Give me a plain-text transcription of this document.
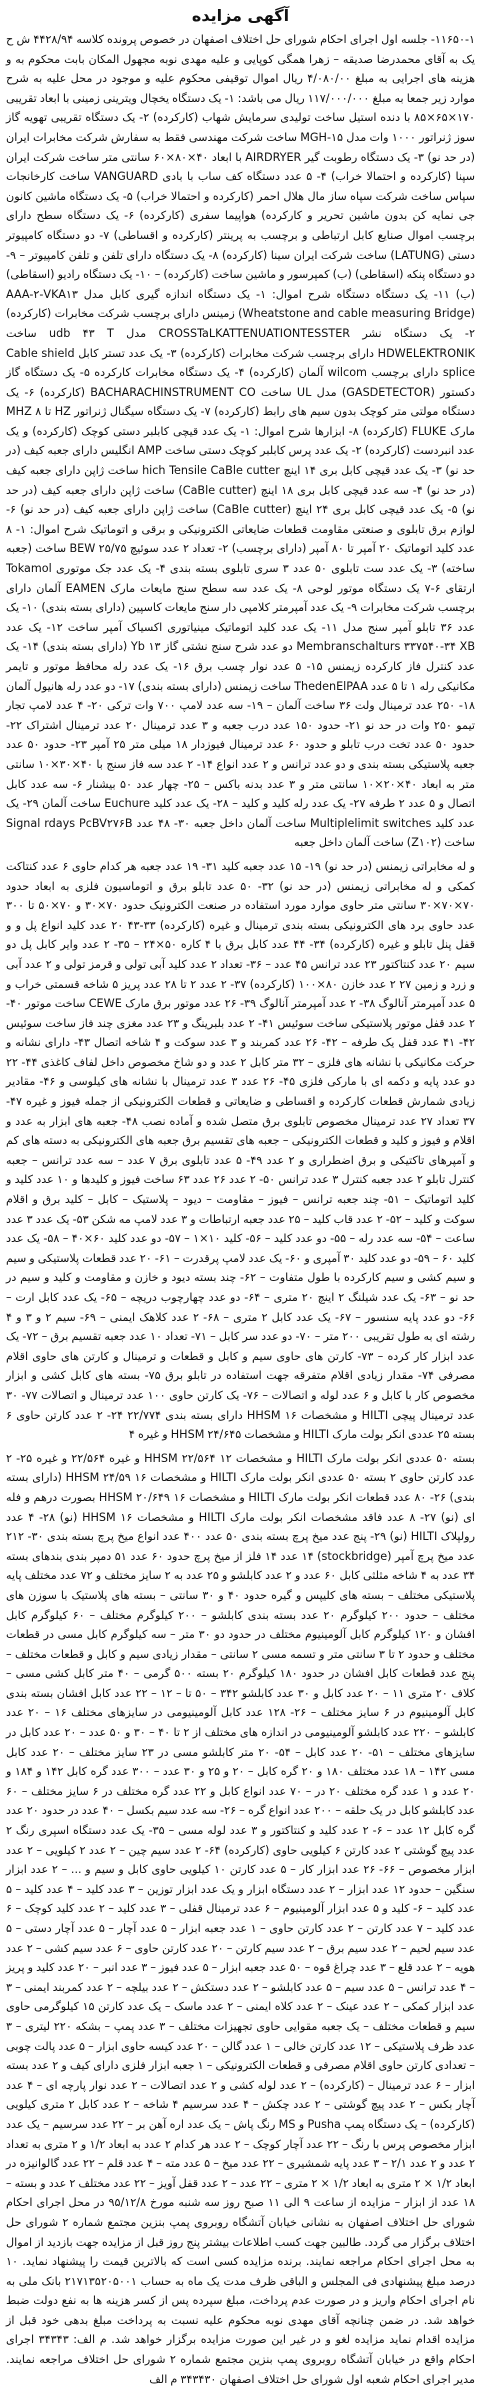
آگهی مزایده

۱۱۶۵۰-۱- جلسه اول اجرای احکام شورای حل اختلاف اصفهان در خصوص پرونده کلاسه ۴۴۲۸/۹۴ ش ح یک به آقای محمدرضا صدیقه – زهرا همگی کوپایی و علیه مهدی نوبه مجهول المکان بابت محکوم به و هزینه های اجرایی به مبلغ ۴/۰۸۰/۰۰ ریال اموال توقیفی محکوم علیه و موجود در محل علیه به شرح موارد زیر جمعا به مبلغ ۱۱۷/۰۰۰/۰۰۰ ریال می باشد: ۱- یک دستگاه یخچال ویترینی زمینی با ابعاد تقریبی ۱۷۰×۶۵×۸۵ با دنده استیل ساخت تولیدی سرمایش شهاب (کارکرده) ۲- یک دستگاه تقریبی تهویه گاز سوز ژنراتور ۱۰۰۰ وات مدل ۱۵-MGH ساخت شرکت مهندسی فقط به سفارش شرکت مخابرات ایران (در حد نو) ۳- یک دستگاه رطوبت گیر AIRDRYER با ابعاد ۴۰×۸۰×۶۰ سانتی متر ساخت شرکت ایران سپنا (کارکرده و احتمالا خراب) ۴- ۵ عدد دستگاه کف ساب با بادی VANGUARD ساخت کارخانجات سپاس ساخت شرکت سپاه ساز مال هلال احمر (کارکرده و احتمالا خراب) ۵- یک دستگاه ماشین کانون جی نمایه کن بدون ماشین تحریر و کارکرده) هواپیما سفری (کارکرده) ۶- یک دستگاه سطح دارای برچسب اموال صنایع کابل ارتباطی و برچسب به پرینتر (کارکرده و اقساطی) ۷- دو دستگاه کامپیوتر دستی (LATUNG) ساخت شرکت ایران سینا (کارکرده) ۸- یک دستگاه دارای تلفن و تلفن کامپیوتر – ۹- دو دستگاه پنکه (اسقاطی) (ب) کمپرسور و ماشین ساخت (کارکرده) – ۱۰- یک دستگاه رادیو (اسقاطی) (ب) ۱۱- یک دستگاه دستگاه شرح اموال: ۱- یک دستگاه اندازه گیری کابل مدل AAA-۲-VKA۱۳ (Wheatstone and cable measuring Bridge) زمینس دارای برچسب شرکت مخابرات (کارکرده) ۲- یک دستگاه نشر CROSSTaLKATTENUATIONTESSTER مدل udb ۴۳ T ساخت HDWELEKTRONIK دارای برچسب شرکت مخابرات (کارکرده) ۳- یک عدد تستر کابل Cable shield splice دارای برچسب wilcom آلمان (کارکرده) ۴- یک دستگاه مخابرات کارکرده ۵- یک دستگاه گاز دکستور (GASDETECTOR) مدل UL ساخت BACHARACHINSTRUMENT CO (کارکرده) ۶- یک دستگاه مولتی متر کوچک بدون سیم های رابط (کارکرده) ۷- یک دستگاه سیگنال ژنراتور HZ تا ۸ MHZ مارک FLUKE (کارکرده) ۸- ابزارها شرح اموال: ۱- یک عدد قیچی کابلبر دستی کوچک (کارکرده) و یک عدد انبردست (کارکرده) ۲- یک عدد پرس کابلبر کوچک دستی ساخت AMP انگلیس دارای جعبه کیف (در حد نو) ۳- یک عدد قیچی کابل بری ۱۴ اینچ hich Tensile CaBle cutter ساخت ژاپن دارای جعبه کیف (در حد نو) ۴- سه عدد قیچی کابل بری ۱۸ اینچ (CaBle cutter) ساخت ژاپن دارای جعبه کیف (در حد نو) ۵- یک عدد قیچی کابل بری ۲۴ اینچ (CaBle cutter) ساخت ژاپن دارای جعبه کیف (در حد نو) ۶- لوازم برق تابلوی و صنعتی مقاومت قطعات ضایعاتی الکترونیکی و برقی و اتوماتیک شرح اموال: ۱- ۸ عدد کلید اتوماتیک ۲۰ آمپر تا ۸۰ آمپر (دارای برچسب) ۲- تعداد ۲ عدد سوئیچ BEW ۲۵/۷۵ ساخت (جعبه ساخته) ۳- یک عدد ست تابلوی ۵۰ عدد ۳ سری تابلوی بسته بندی ۴- یک عدد جک موتوری Tokamol ارتقای ۶-۷ یک دستگاه موتور لوحی ۸- یک عدد سه سطح سنج مایعات مارک EAMEN آلمان دارای برچسب شرکت مخابرات ۹- یک عدد آمپرمتر کلامپی دار سنج مایعات کاسپین (دارای بسته بندی) ۱۰- یک عدد ۳۶ تابلو آمپر سنج مدل ۱۱- یک عدد کلید اتوماتیک مینیاتوری اکسیاک آمپر ساخت ۱۲- یک عدد Membranschalturs ۳۳۷۵۴۰-۳۴ XB دو عدد شرح سنج نشتی گاز Yb ۱۳ (دارای بسته بندی) ۱۴- یک عدد کنترل فاز کارکرده زیمنس ۱۵- ۵ عدد نوار چسب برق ۱۶- یک عدد رله محافظ موتور و تایمر مکانیکی رله ۱ تا ۵ عدد ThedenElPAA ساخت زیمنس (دارای بسته بندی) ۱۷- دو عدد رله هانیول آلمان ۱۸- ۲۵۰ عدد ترمینال ولت ۳۶ ساخت آلمان – ۱۹- سه عدد لامپ ۷۰۰ وات ترکی ۲۰- ۴ عدد لامپ تجار تیمو ۲۵۰ وات در حد نو ۲۱- حدود ۱۵۰ عدد درب جعبه و ۳ عدد ترمینال ۲۰ عدد ترمینال اشتراک ۲۲- حدود ۵۰ عدد تخت درب تابلو و حدود ۶۰ عدد ترمینال فیوزدار ۱۸ میلی متر ۲۵ آمپر ۲۳- حدود ۵۰ عدد جعبه پلاستیکی بسته بندی و دو عدد ترانس و ۲ عدد انواع ۱۴- ۲ عدد سه فاز سنج با ۴۰×۳۰×۱۰ سانتی متر به ابعاد ۴۰×۲۰×۱۰ سانتی متر و ۳ عدد بدنه باکس – ۲۵- چهار عدد ۵۰ بیشنار ۶- سه عدد کابل اتصال و ۵ عدد ۲ طرفه ۲۷- یک عدد رله کلید و کلید – ۲۸- یک عدد کلید Euchure ساخت آلمان ۲۹- یک عدد کلید Multiplelimit switches ساخت آلمان داخل جعبه ۳۰- ۴۸ عدد Signal rdays PcBV۲۷۶B ساخت (Z۱۰۲) ساخت آلمان داخل جعبه

و له مخابراتی زیمنس (در حد نو) ۱۹- ۱۵ عدد جعبه کلید ۳۱- ۱۹ عدد جعبه هر کدام حاوی ۶ عدد کنتاکت کمکی و له مخابراتی زیمنس (در حد نو) ۳۲- ۵۰ عدد تابلو برق و اتوماسیون فلزی به ابعاد حدود ۷۰×۷۰×۳۰ سانتی متر حاوی موارد مورد استفاده در صنعت الکترونیک حدود ۷۰×۳۰ و ۷۰×۵۰ تا ۳۰۰ عدد حاوی برد های الکترونیکی بسته بندی ترمینال و غیره (کارکرده) ۳۳-۴۳ ۲۰ عدد کلید انواع پل و و قفل پنل تابلو و غیره (کارکرده) ۳۴- ۴۴ عدد کابل برق با ۴ کاره ۵۰×۲۴ – ۳۵- ۲ عدد وایر کابل پل دو سیم ۲۰ عدد کنتاکتور ۲۳ عدد ترانس ۴۵ عدد – ۳۶- تعداد ۲ عدد کلید آبی تولی و قرمز تولی و ۲ عدد آبی و زرد و زمین ۲۷ ۲ عدد خازن ۸۰×۱۰۰ (کارکرده) ۳۷- ۲ عدد ۲ تا ۲۸ عدد پریز ۵ شاخه قسمتی خراب و ۵ عدد آمپرمتر آنالوگ ۳۸- ۲ عدد آمپرمتر آنالوگ ۳۹- ۲۶ عدد موتور برق مارک CEWE ساخت موتور ۴۰- ۲ عدد قفل موتور پلاستیکی ساخت سوئیس ۴۱- ۲ عدد بلبرینگ و ۲۳ عدد مغزی چند فاز ساخت سوئیس ۴۲- ۴۱ عدد قفل یک طرفه – ۴۲- ۲۶ عدد کمربند و ۳ عدد سوکت و ۴ شاخه اتصال ۴۳- دارای نشانه و حرکت مکانیکی با نشانه های فلزی – ۳۲ متر کابل ۲ عدد و دو شاخ مخصوص داخل لفاف کاغذی ۴۴- ۲۲ دو عدد پایه و دکمه ای با مارکی فلزی ۴۵- ۲۶ عدد ۳ عدد ترمینال با نشانه های کیلوسی و ۴۶- مقادیر زیادی شمارش قطعات کارکرده و اقساطی و ضایعاتی و قطعات الکترونیکی از جمله فیوز و غیره ۴۷- ۳۷ تعداد ۲۷ عدد ترمینال مخصوص تابلوی برق متصل شده و آماده نصب ۴۸- جعبه های ابزار به عدد و اقلام و فیوز و کلید و قطعات الکترونیکی – جعبه های تقسیم برق جعبه های الکترونیکی به دسته های کم و آمپرهای تاکتیکی و برق اضطراری و ۲ عدد ۴۹- ۵ عدد تابلوی برق ۷ عدد – سه عدد ترانس – جعبه کنترل تابلو ۲ عدد جعبه کنترل ۳ عدد ترانس ۵۰- ۲ عدد ۲۶ عدد ۶۳ ساخت فیوز و کلیدها و ۱۰ عدد کلید و کلید اتوماتیک – ۵۱- چند جعبه ترانس – فیوز – مقاومت – دیود – پلاستیک – کابل – کلید برق و اقلام سوکت و کلید – ۵۲- ۲ عدد قاب کلید – ۲۵ عدد جعبه ارتباطات و ۳ عدد لامپ مه شکن ۵۳- یک عدد ۳ عدد ساعت – ۵۴- سه عدد رله – ۵۵- دو عدد کلید – ۵۶- کلید ۱۰×۱ – ۵۷- دو عدد کلید ۶۰×۴۰ – ۵۸- یک عدد کلید ۶۰ – ۵۹- دو عدد کلید ۳۰ آمپری و ۶۰- یک عدد لامپ پرقدرت – ۶۱- ۲۰ عدد قطعات پلاستیکی و سیم و سیم کشی و سیم کارکرده با طول متفاوت – ۶۲- چند بسته دیود و خازن و مقاومت و کلید و سیم در حد نو – ۶۳- یک عدد شیلنگ ۲ اینچ ۲۰ متری – ۶۴- دو عدد چهارچوب دریچه – ۶۵- یک عدد کابل ارت – ۶۶- دو عدد پایه سنسور – ۶۷- یک عدد کابل ۲ متری – ۶۸- ۲ عدد کلاهک ایمنی – ۶۹- سیم ۲ و ۳ و ۴ رشته ای به طول تقریبی ۲۰۰ متر – ۷۰- دو عدد سر کابل – ۷۱- تعداد ۱۰ عدد جعبه تقسیم برق – ۷۲- یک عدد ابزار کار کرده – ۷۳- کارتن های حاوی سیم و کابل و قطعات و ترمینال و کارتن های حاوی اقلام مصرفی ۷۴- مقدار زیادی اقلام متفرقه جهت استفاده در تابلو برق ۷۵- بسته های کابل کشی و ابزار مخصوص کار با کابل و ۶ عدد لوله و اتصالات – ۷۶- یک کارتن حاوی ۱۰۰ عدد ترمینال و اتصالات ۷۷- ۳۰ عدد ترمینال پیچی HILTI و مشخصات HHSM ۱۶ دارای بسته بندی ۲۲/۷۷۴ ۲۴- ۲ عدد کارتن حاوی ۶ بسته ۲۵ عددی انکر بولت مارک HILTI و مشخصات HHSM ۲۴/۶۴۵ و غیره ۴

بسته ۵۰ عددی انکر بولت مارک HILTI و مشخصات ۱۲ HHSM ۲۲/۵۶۴ و غیره ۲۲/۵۶۴ و غیره ۲۵- ۲ عدد کارتن حاوی ۲ بسته ۵۰ عددی انکر بولت مارک HILTI و مشخصات ۱۶ HHSM ۲۴/۵۹ (دارای بسته بندی) ۲۶- ۸۰ عدد قطعات انکر بولت مارک HILTI و مشخصات ۱۶ HHSM ۲۰/۶۴۹ بصورت درهم و فله ای (نو) ۲۷- ۸ عدد فاقد مشخصات انکر بولت مارک HILTI و مشخصات ۱۶ HHSM (نو) ۲۸- ۴ عدد رولپلاک HILTI (نو) ۲۹- پنج عدد میخ پرچ بسته بندی ۵۰ عدد ۴۰۰ عدد انواع میخ پرچ بسته بندی ۳۰- ۲۱۲ عدد میخ پرچ آمپر (stockbridge) ۱۴ عدد ۱۴ فلز از میخ پرچ حدود ۶۰ عدد ۵۱ دمپر بندی بندهای بسته ۳۴ عدد به ۴ شاخه مثلثی کابل ۶۰ عدد و ۲ عدد کابلشو و ۲۵ عدد به ۲ سایز مختلف و ۷۲ عدد مختلف پایه پلاستیکی مختلف – بسته های کلیپس و گیره حدود ۴۰ و ۳۰ سانتی – بسته های پلاستیک با سوزن های مختلف – حدود ۲۰۰ کیلوگرم ۲۰ عدد بسته بندی کابلشو – ۲۰۰ کیلوگرم مختلف – ۶۰ کیلوگرم کابل افشان و ۱۲۰ کیلوگرم کابل آلومینیوم مختلف در حدود دو ۳۰ متر – سه کیلوگرم کابل مسی در قطعات مختلف و حدود ۲ تا ۳ سانتی متر و تسمه مسی ۲ سانتی – مقدار زیادی سیم و کابل و قطعات مختلف – پنج عدد قطعات کابل افشان در حدود ۱۸۰ کیلوگرم ۲۰ بسته ۵۰۰ گرمی – ۴۰ متر کابل کشی مسی – کلاف ۲۰ متری ۱۱ – ۲۰ عدد کابل و ۳۰ عدد کابلشو ۳۴۲ – ۵۰ تا – ۱۲ – ۲۲ عدد کابل افشان بسته بندی کابل آلومینیوم در ۶ سایز مختلف – ۲۶- ۱۲۸ عدد کابل آلومینیومی در سایزهای مختلف ۱۶ – ۲۰ عدد کابلشو – ۲۲۰ عدد کابلشو آلومینیومی در اندازه های مختلف از ۲ تا ۴۰ – ۳۰ و ۵۰ عدد – ۲۰ عدد کابل در سایزهای مختلف – ۵۱- ۲۰ عدد کابل – ۵۴- ۲۰ متر کابلشو مسی در ۲۳ سایز مختلف – ۲۰ عدد کابل مسی ۱۴۲ – ۱۸ عدد مختلف ۱۸۰ و ۲۰ گره کابل – ۲۰ و ۲۵ و ۳۰ عدد – ۳۰۰ عدد گره کابل ۱۴۲ و ۱۸۴ و ۲۰ عدد و ۱ عدد گره مختلف ۲۰ در – ۷۰ عدد انواع کابل و ۲۲ عدد گره مختلف در ۶ سایز مختلف – ۶۰ عدد کابلشو کابل در یک حلقه – ۲۰۰ عدد انواع گره – ۲۶- سه عدد سیم بکسل – ۴۰ عدد در حدود ۲۰ عدد گره کابل ۱۲ عدد – ۶- ۲ عدد کلید و کنتاکتور و ۳ عدد لوله مسی – ۳۵- یک عدد دستگاه اسپری رنگ ۲ عدد پیچ گوشتی ۲ عدد کارتن ۶ کیلویی حاوی (کارکرده) ۶۴- ۲ عدد سیم چین – ۲ عدد ۲ کیلویی – ۲ عدد ابزار مخصوص – ۶۶- ۲۶ عدد ابزار کار – ۵ عدد کارتن ۱۰ کیلویی حاوی کابل و سیم و ... – ۲ عدد ابزار سنگین – حدود ۱۲ عدد ابزار – ۲ عدد دستگاه ابزار و یک عدد ابزار توزین – ۳ عدد کلید – ۴ عدد کلید – ۵ عدد کلید – ۶- کلید و ۵ عدد ابزار آلومینیوم – ۶ عدد ترمینال قفلی – ۳ عدد کلید – ۲ عدد کلید کوچک – ۶ عدد کلید – ۷ عدد کارتن – ۲ عدد کارتن حاوی – ۱ عدد جعبه ابزار – ۵ عدد آچار – ۵ عدد آچار دستی – ۵ عدد سیم لحیم – ۲ عدد سیم برق – ۲ عدد سیم کارتن – ۲۰ عدد کارتن حاوی – ۶ عدد سیم کشی – ۲ عدد هویه – ۲ عدد قلع – ۳ عدد چراغ قوه – ۵۰ عدد جعبه ابزار – ۵ عدد فیوز – ۳ عدد انبر – ۲۰ عدد کلید و پریز – ۴ عدد ترانس – ۵ عدد سیم – ۵ عدد کابلشو – ۲ عدد دستکش – ۲ عدد بیلچه – ۲ عدد کمربند ایمنی – ۳ عدد ابزار کمکی – ۲ عدد عینک – ۲ عدد کلاه ایمنی – ۲ عدد ماسک – یک عدد کارتن ۱۵ کیلوگرمی حاوی سیم و قطعات مختلف – یک جعبه مقوایی حاوی تجهیزات مختلف – ۳ عدد پمپ – بشکه ۲۲۰ لیتری – ۳ عدد ظرف پلاستیکی – ۱۲ عدد کارتن خالی – ۱ عدد گالن – ۲۰ عدد کیسه حاوی ابزار – ۵ عدد پالت چوبی – تعدادی کارتن حاوی اقلام مصرفی و قطعات الکترونیکی – ۱ جعبه ابزار فلزی دارای کیف و ۲ عدد بسته ابزار – ۶ عدد ترمینال – (کارکرده) – ۲ عدد لوله کشی و ۲ عدد اتصالات – ۲ عدد نوار پارچه ای – ۴ عدد آچار بکس – ۲ عدد پیچ گوشتی – ۲ عدد چکش – ۴ عدد سرسیم ۴ شاخه – ۲ عدد کابل ۲ متری کیلویی (کارکرده) – یک دستگاه پمپ Pusha و MS رنگ پاش – یک عدد اره آهن بر – ۲۲ عدد سرسیم – یک عدد ابزار مخصوص پرس با رنگ – ۲۲ عدد آچار کوچک – ۲ عدد هر کدام ۲ عدد به ابعاد ۱/۲ و ۲ متری به تعداد ۲ عدد و ۲ عدد ۲/۱ – ۳ عدد پایه شمشیری – ۲۲ عدد میخ – ۵ عدد مته – ۴ عدد قلم – ۲۲ عدد گالوانیزه در ابعاد ۱/۲ × ۲ متری به ابعاد ۱/۲ × ۲ متری – ۲۲ عدد – ۲ عدد قفل آویز – ۲۲ عدد مختلف ۲ عدد و بسته – ۱۸ عدد از ابزار – مزایده از ساعت ۹ الی ۱۱ صبح روز سه شنبه مورخ ۹۵/۱۲/۸ در محل اجرای احکام شورای حل اختلاف اصفهان به نشانی خیابان آتشگاه روبروی پمپ بنزین مجتمع شماره ۲ شورای حل اختلاف برگزار می گردد. طالبین جهت کسب اطلاعات بیشتر پنج روز قبل از مزایده جهت بازدید از اموال به محل اجرای احکام مراجعه نمایند. برنده مزایده کسی است که بالاترین قیمت را پیشنهاد نماید. ۱۰ درصد مبلغ پیشنهادی فی المجلس و الباقی ظرف مدت یک ماه به حساب ۲۱۷۱۳۵۲۰۵۰۰۱ بانک ملی به نام اجرای احکام واریز و در صورت عدم پرداخت، مبلغ سپرده پس از کسر هزینه ها به نفع دولت ضبط خواهد شد. در ضمن چنانچه آقای مهدی نوبه محکوم علیه نسبت به پرداخت مبلغ بدهی خود قبل از مزایده اقدام نماید مزایده لغو و در غیر این صورت مزایده برگزار خواهد شد. م الف: ۳۴۳۴۳ اجرای احکام واقع در خیابان آتشگاه روبروی پمپ بنزین مجتمع شماره ۲ شورای حل اختلاف مراجعه نمایند. مدیر اجرای احکام شعبه اول شورای حل اختلاف اصفهان ۳۴۳۴۳۰ م الف
